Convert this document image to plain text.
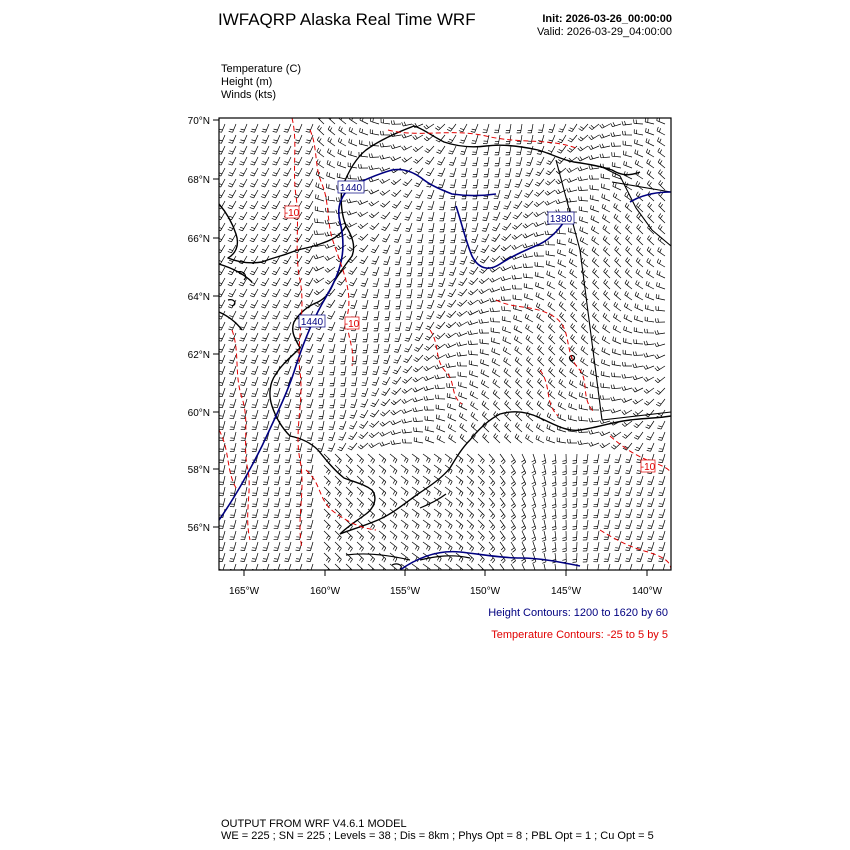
IWFAQRP Alaska Real Time WRF	Init: 2026-03-26_00:00:00
Valid: 2026-03-29_04:00:00
Temperature (C)
Height (m)
Winds (kts)
1440
1380
1440
-10
-10
-10
70°N
68°N
66°N
64°N
62°N
60°N
58°N
56°N
165°W	160°W	155°W	150°W	145°W	140°W
Height Contours: 1200 to 1620 by 60
Temperature Contours: -25 to 5 by 5
OUTPUT FROM WRF V4.6.1 MODEL
WE = 225 ; SN = 225 ; Levels = 38 ; Dis = 8km ; Phys Opt = 8 ; PBL Opt = 1 ; Cu Opt = 5
